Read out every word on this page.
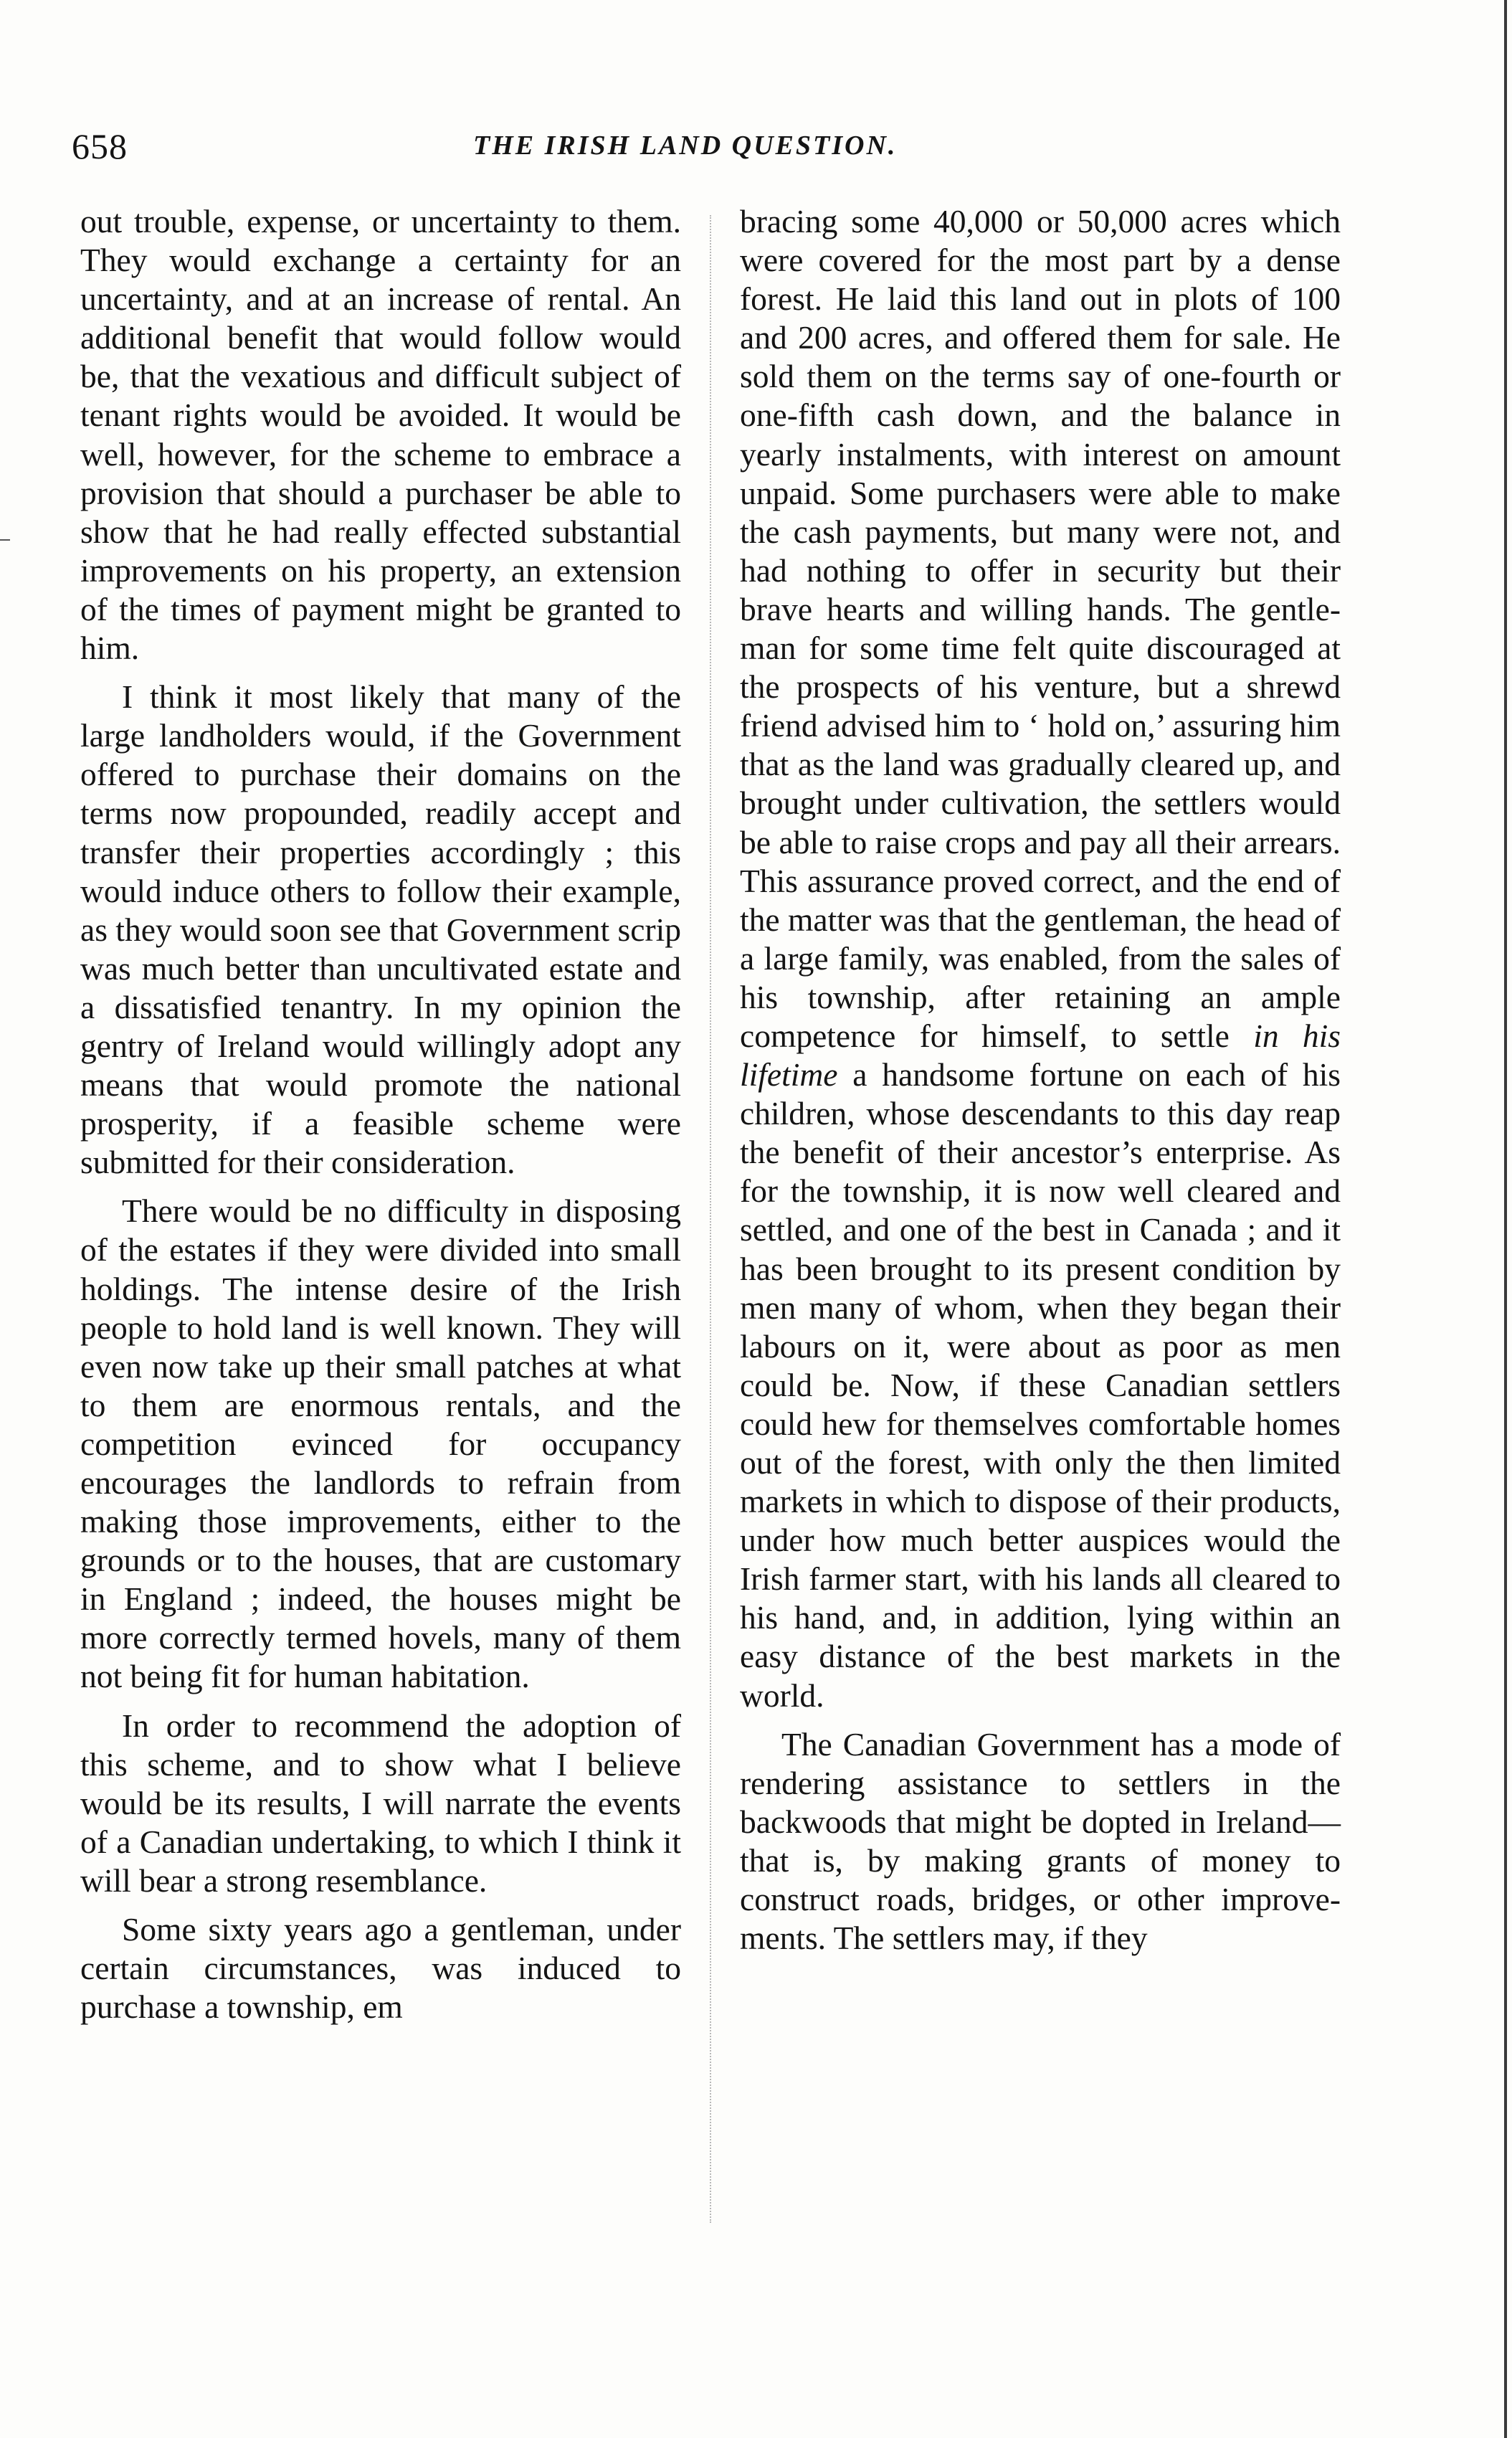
658	THE IRISH LAND QUESTION.

out trouble, expense, or uncertainty to them. They would exchange a certainty for an uncertainty, and at an increase of rental. An additional benefit that would follow would be, that the vexatious and difficult subject of tenant rights would be avoided. It would be well, however, for the scheme to embrace a provision that should a purchaser be able to show that he had really effected substantial improvements on his property, an extension of the times of payment might be granted to him.

I think it most likely that many of the large landholders would, if the Government offered to purchase their domains on the terms now propounded, readily accept and transfer their properties accordingly ; this would induce others to follow their example, as they would soon see that Government scrip was much better than uncultivated estate and a dissatisfied tenantry. In my opinion the gentry of Ireland would willingly adopt any means that would promote the national prosperity, if a feasible scheme were submitted for their consideration.

There would be no difficulty in disposing of the estates if they were divided into small holdings. The intense desire of the Irish people to hold land is well known. They will even now take up their small patches at what to them are enormous rentals, and the competition evinced for occupancy encourages the landlords to refrain from making those improvements, either to the grounds or to the houses, that are customary in England ; indeed, the houses might be more correctly termed hovels, many of them not being fit for human habitation.

In order to recommend the adoption of this scheme, and to show what I believe would be its results, I will narrate the events of a Canadian undertaking, to which I think it will bear a strong resemblance.

Some sixty years ago a gentleman, under certain circumstances, was induced to purchase a township, em

bracing some 40,000 or 50,000 acres which were covered for the most part by a dense forest. He laid this land out in plots of 100 and 200 acres, and offered them for sale. He sold them on the terms say of one-fourth or one-fifth cash down, and the balance in yearly instalments, with interest on amount unpaid. Some purchasers were able to make the cash payments, but many were not, and had nothing to offer in security but their brave hearts and willing hands. The gentleman for some time felt quite discouraged at the prospects of his venture, but a shrewd friend advised him to ‘ hold on,’ assuring him that as the land was gradually cleared up, and brought under cultivation, the settlers would be able to raise crops and pay all their arrears. This assurance proved correct, and the end of the matter was that the gentleman, the head of a large family, was enabled, from the sales of his township, after retaining an ample competence for himself, to settle in his lifetime a handsome fortune on each of his children, whose descendants to this day reap the benefit of their ancestor’s enterprise. As for the township, it is now well cleared and settled, and one of the best in Canada ; and it has been brought to its present condition by men many of whom, when they began their labours on it, were about as poor as men could be. Now, if these Canadian settlers could hew for themselves comfortable homes out of the forest, with only the then limited markets in which to dispose of their products, under how much better auspices would the Irish farmer start, with his lands all cleared to his hand, and, in addition, lying within an easy distance of the best markets in the world.

The Canadian Government has a mode of rendering assistance to settlers in the backwoods that might be dopted in Ireland—that is, by making grants of money to construct roads, bridges, or other improvements. The settlers may, if they
